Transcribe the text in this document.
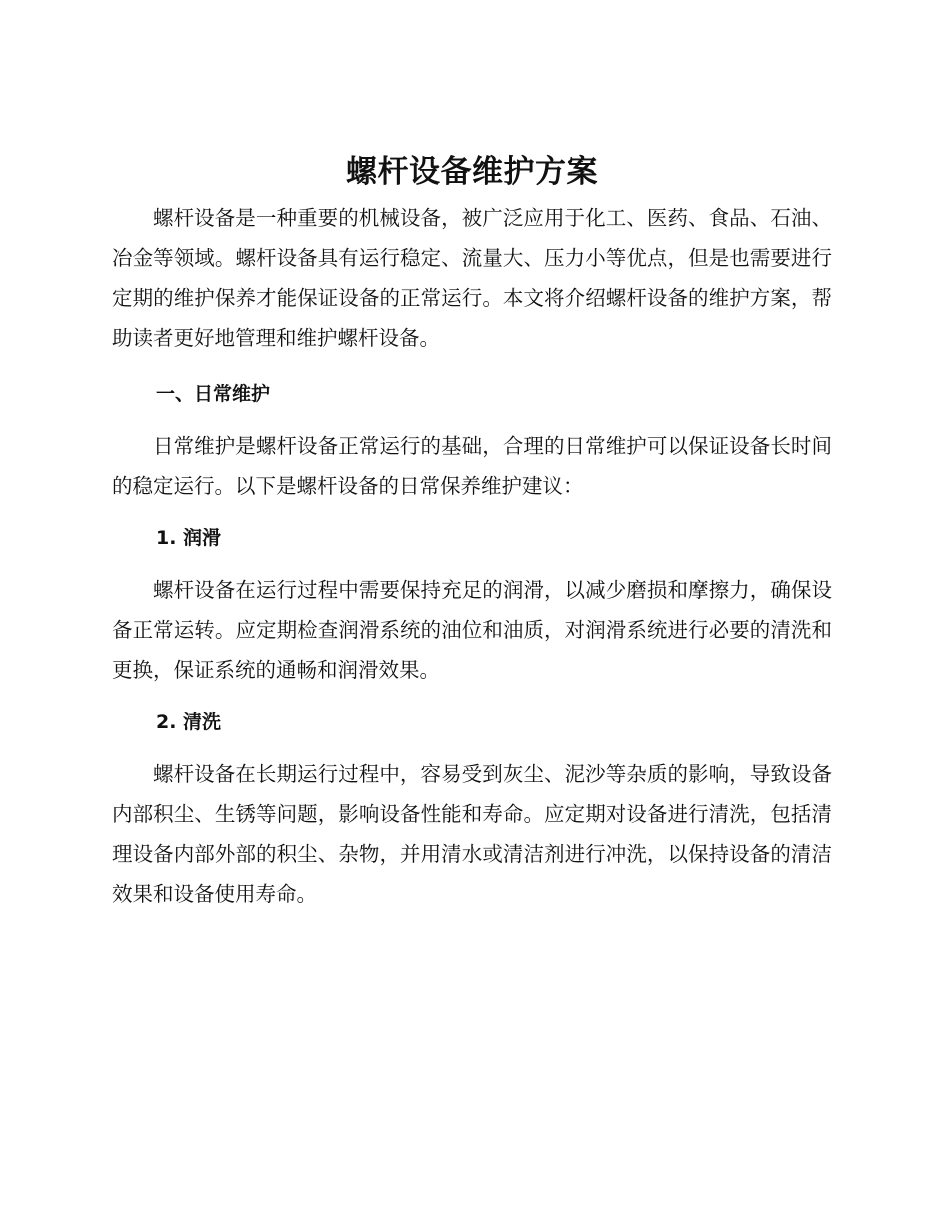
螺杆设备维护方案

螺杆设备是一种重要的机械设备，被广泛应用于化工、医药、食品、石油、冶金等领域。螺杆设备具有运行稳定、流量大、压力小等优点，但是也需要进行定期的维护保养才能保证设备的正常运行。本文将介绍螺杆设备的维护方案，帮助读者更好地管理和维护螺杆设备。

一、日常维护

日常维护是螺杆设备正常运行的基础，合理的日常维护可以保证设备长时间的稳定运行。以下是螺杆设备的日常保养维护建议：

1. 润滑

螺杆设备在运行过程中需要保持充足的润滑，以减少磨损和摩擦力，确保设备正常运转。应定期检查润滑系统的油位和油质，对润滑系统进行必要的清洗和更换，保证系统的通畅和润滑效果。

2. 清洗

螺杆设备在长期运行过程中，容易受到灰尘、泥沙等杂质的影响，导致设备内部积尘、生锈等问题，影响设备性能和寿命。应定期对设备进行清洗，包括清理设备内部外部的积尘、杂物，并用清水或清洁剂进行冲洗，以保持设备的清洁效果和设备使用寿命。
